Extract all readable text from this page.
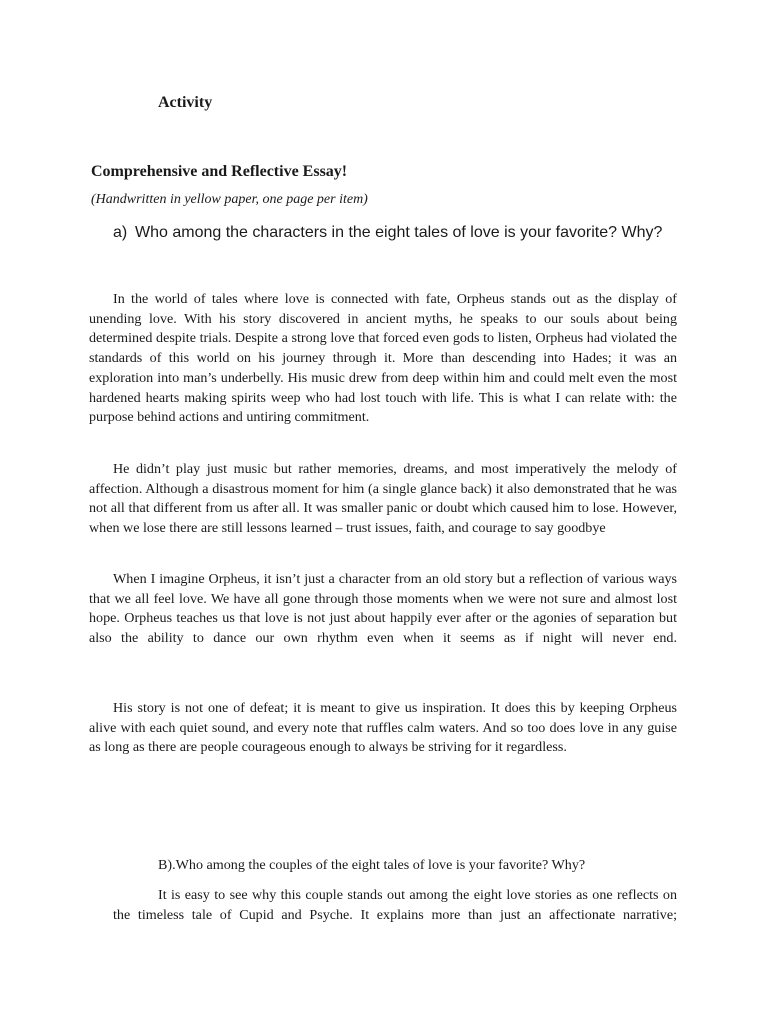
Activity
Comprehensive and Reflective Essay!
(Handwritten in yellow paper, one page per item)
a) Who among the characters in the eight tales of love is your favorite? Why?

In the world of tales where love is connected with fate, Orpheus stands out as the display of unending love. With his story discovered in ancient myths, he speaks to our souls about being determined despite trials. Despite a strong love that forced even gods to listen, Orpheus had violated the standards of this world on his journey through it. More than descending into Hades; it was an exploration into man’s underbelly. His music drew from deep within him and could melt even the most hardened hearts making spirits weep who had lost touch with life. This is what I can relate with: the purpose behind actions and untiring commitment.

He didn’t play just music but rather memories, dreams, and most imperatively the melody of affection. Although a disastrous moment for him (a single glance back) it also demonstrated that he was not all that different from us after all. It was smaller panic or doubt which caused him to lose. However, when we lose there are still lessons learned – trust issues, faith, and courage to say goodbye

When I imagine Orpheus, it isn’t just a character from an old story but a reflection of various ways that we all feel love. We have all gone through those moments when we were not sure and almost lost hope. Orpheus teaches us that love is not just about happily ever after or the agonies of separation but also the ability to dance our own rhythm even when it seems as if night will never end.

His story is not one of defeat; it is meant to give us inspiration. It does this by keeping Orpheus alive with each quiet sound, and every note that ruffles calm waters. And so too does love in any guise as long as there are people courageous enough to always be striving for it regardless.

B).Who among the couples of the eight tales of love is your favorite? Why?

It is easy to see why this couple stands out among the eight love stories as one reflects on the timeless tale of Cupid and Psyche. It explains more than just an affectionate narrative;
